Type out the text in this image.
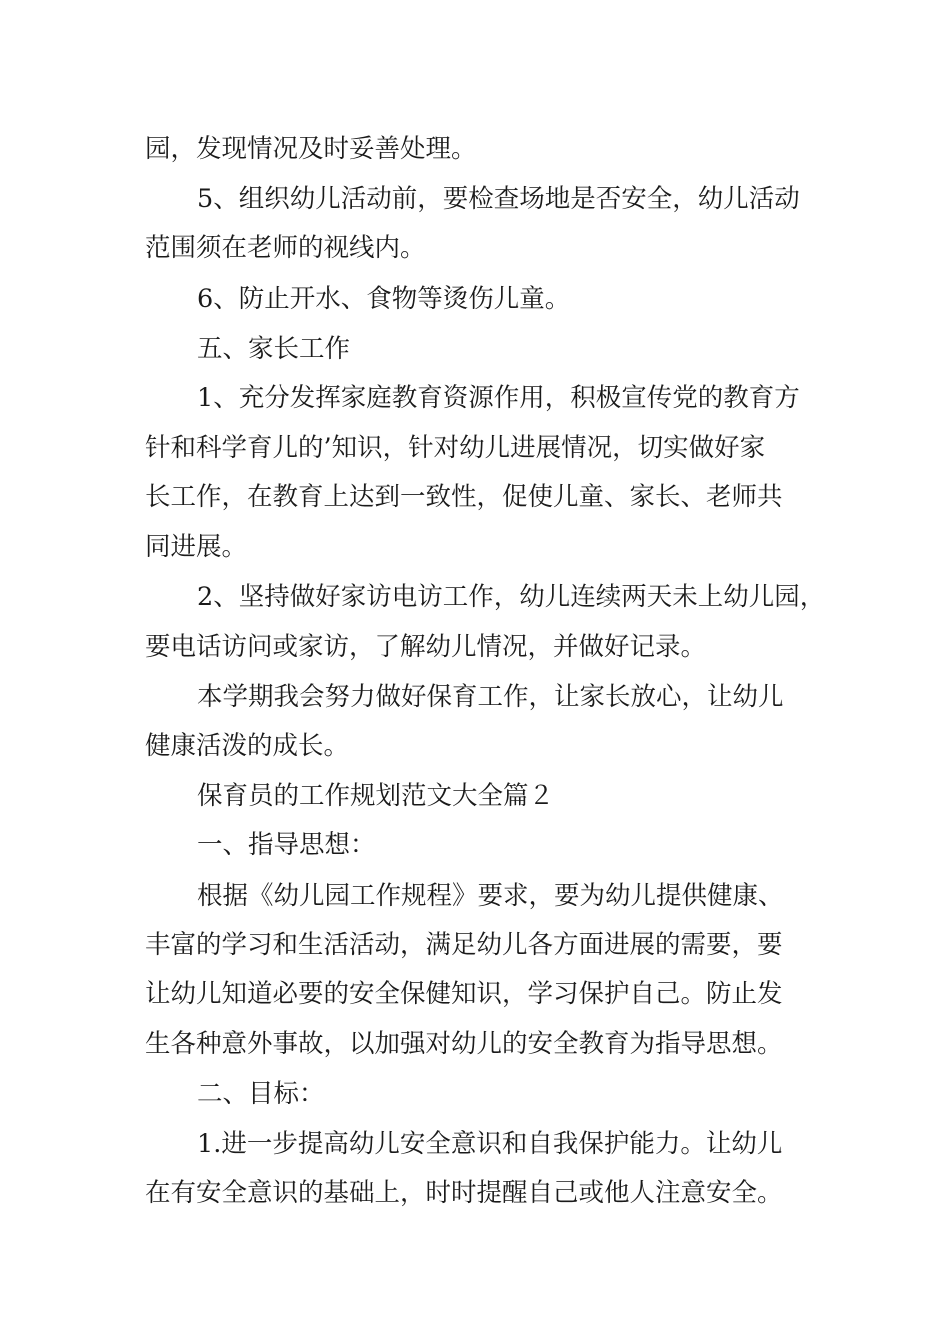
园，发现情况及时妥善处理。
5、组织幼儿活动前，要检查场地是否安全，幼儿活动
范围须在老师的视线内。
6、防止开水、食物等烫伤儿童。
五、家长工作
1、充分发挥家庭教育资源作用，积极宣传党的教育方
针和科学育儿的’知识，针对幼儿进展情况，切实做好家
长工作，在教育上达到一致性，促使儿童、家长、老师共
同进展。
2、坚持做好家访电访工作，幼儿连续两天未上幼儿园，
要电话访问或家访，了解幼儿情况，并做好记录。
本学期我会努力做好保育工作，让家长放心，让幼儿
健康活泼的成长。
保育员的工作规划范文大全篇２
一、指导思想：
根据《幼儿园工作规程》要求，要为幼儿提供健康、
丰富的学习和生活活动，满足幼儿各方面进展的需要，要
让幼儿知道必要的安全保健知识，学习保护自己。防止发
生各种意外事故，以加强对幼儿的安全教育为指导思想。
二、目标：
1.进一步提高幼儿安全意识和自我保护能力。让幼儿
在有安全意识的基础上，时时提醒自己或他人注意安全。
